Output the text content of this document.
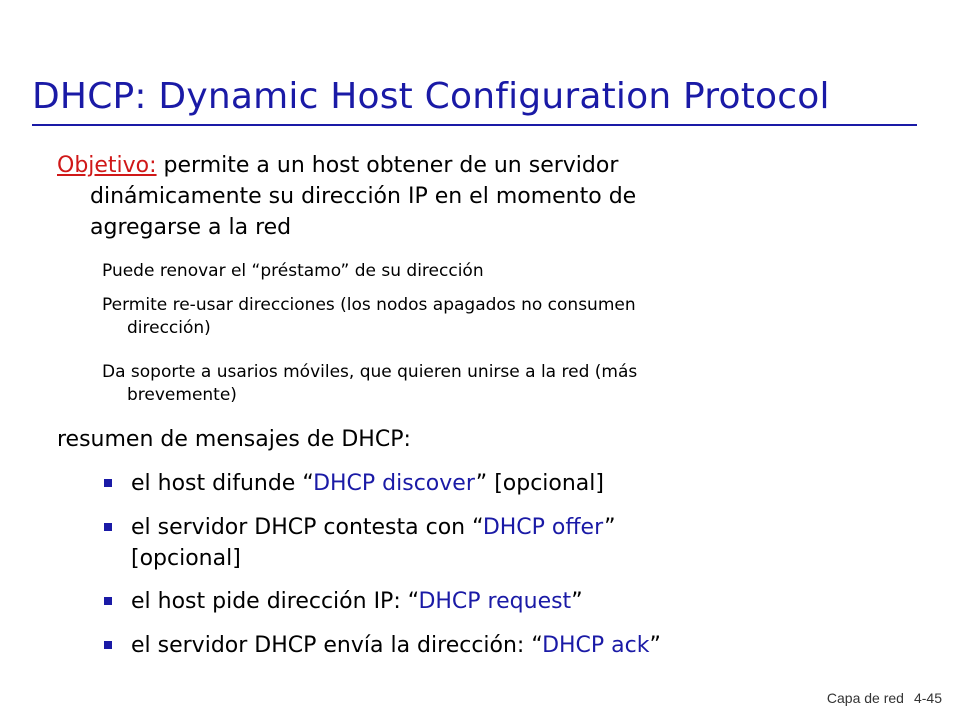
DHCP: Dynamic Host Configuration Protocol
Objetivo: permite a un host obtener de un servidor
dinámicamente su dirección IP en el momento de
agregarse a la red
Puede renovar el “préstamo” de su dirección
Permite re-usar direcciones (los nodos apagados no consumen
dirección)
Da soporte a usarios móviles, que quieren unirse a la red (más
brevemente)
resumen de mensajes de DHCP:
el host difunde “DHCP discover” [opcional]
el servidor DHCP contesta con “DHCP offer”
[opcional]
el host pide dirección IP: “DHCP request”
el servidor DHCP envía la dirección: “DHCP ack”
Capa de red 4-45
